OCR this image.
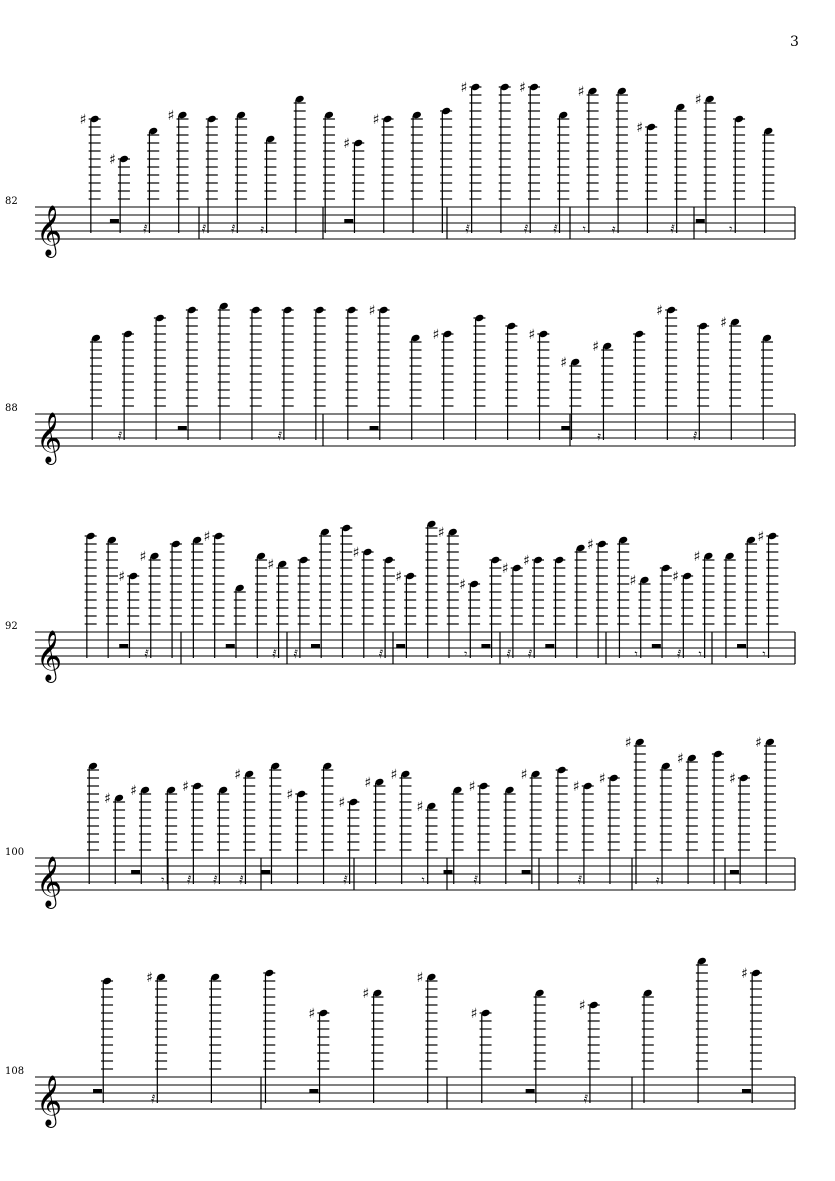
3
82
𝄞
♯
♯
𝅀
♯
𝅀 𝅀 𝄿
♯
♯
♯
𝅀
♯
𝅀 𝅀
♯
𝄾 𝄿
♯
𝅀
♯
𝄾
88
𝄞	𝅀	𝅀
♯
♯	♯
♯
♯
𝄿
♯
𝅀
♯
92
𝄞
♯
♯
𝅀
♯
♯
𝅀 𝅀
♯
𝅀
♯
♯
♯
𝄾
♯
𝅀
♯
𝅀
♯
♯
𝄾
♯
𝅀
♯
𝄾
♯
𝄾
100
𝄞
♯ ♯
𝄾
♯
𝅀 𝅀
♯
𝅀
♯	♯
𝅀
♯ ♯
♯
𝄾
♯
𝅀
♯
♯
𝅀
♯
♯
𝄿
♯
♯
♯
108
𝄞
♯
𝅀
♯
♯
♯
♯	♯
𝅀
♯
